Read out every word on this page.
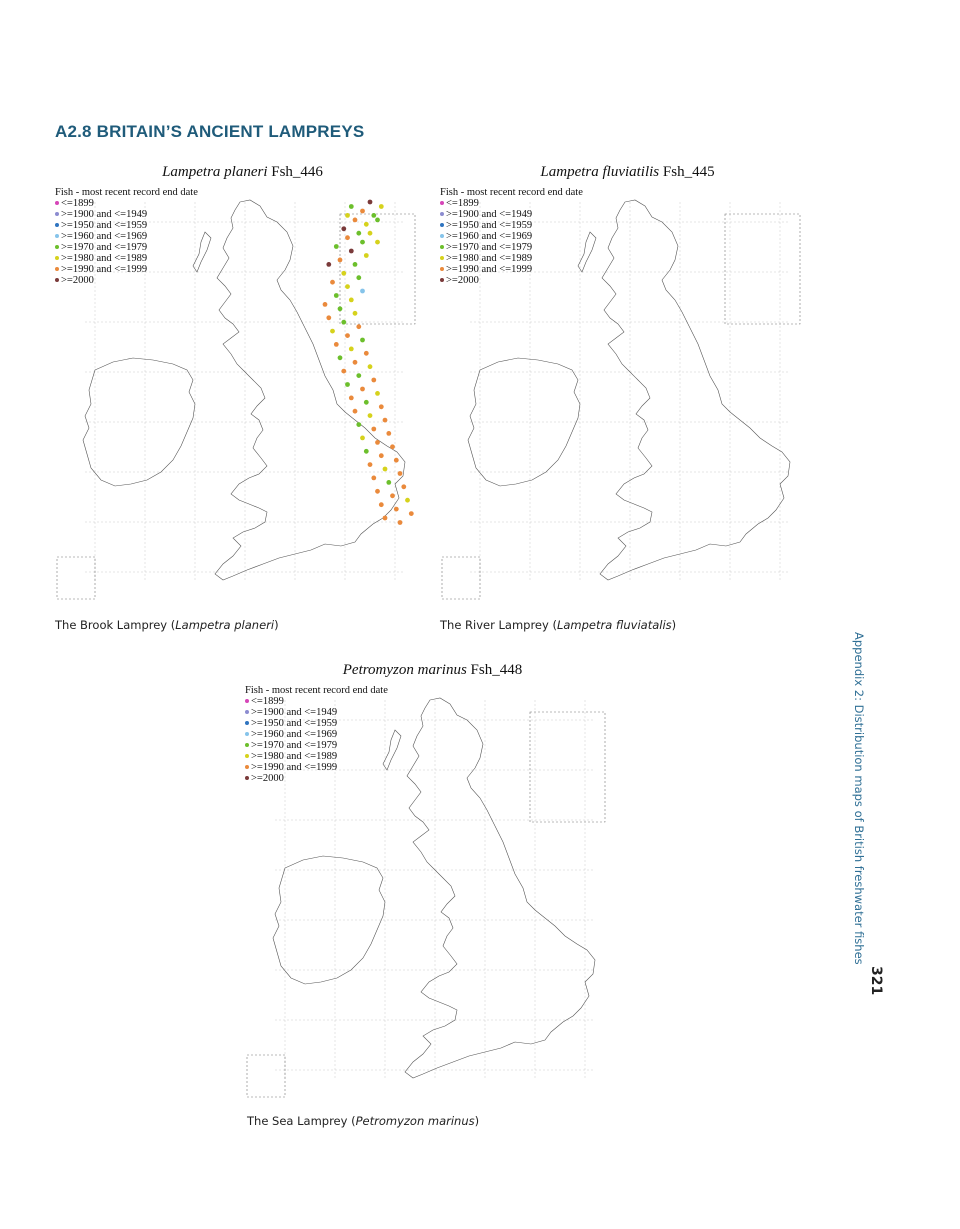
A2.8 BRITAIN’S ANCIENT LAMPREYS
Lampetra planeri Fsh_446
Fish - most recent record end date
<=1899
>=1900 and <=1949
>=1950 and <=1959
>=1960 and <=1969
>=1970 and <=1979
>=1980 and <=1989
>=1990 and <=1999
>=2000
The Brook Lamprey (Lampetra planeri)
Lampetra fluviatilis Fsh_445
Fish - most recent record end date
<=1899
>=1900 and <=1949
>=1950 and <=1959
>=1960 and <=1969
>=1970 and <=1979
>=1980 and <=1989
>=1990 and <=1999
>=2000
The River Lamprey (Lampetra fluviatalis)
Petromyzon marinus Fsh_448
Fish - most recent record end date
<=1899
>=1900 and <=1949
>=1950 and <=1959
>=1960 and <=1969
>=1970 and <=1979
>=1980 and <=1989
>=1990 and <=1999
>=2000
The Sea Lamprey (Petromyzon marinus)
Appendix 2: Distribution maps of British freshwater fishes
321
